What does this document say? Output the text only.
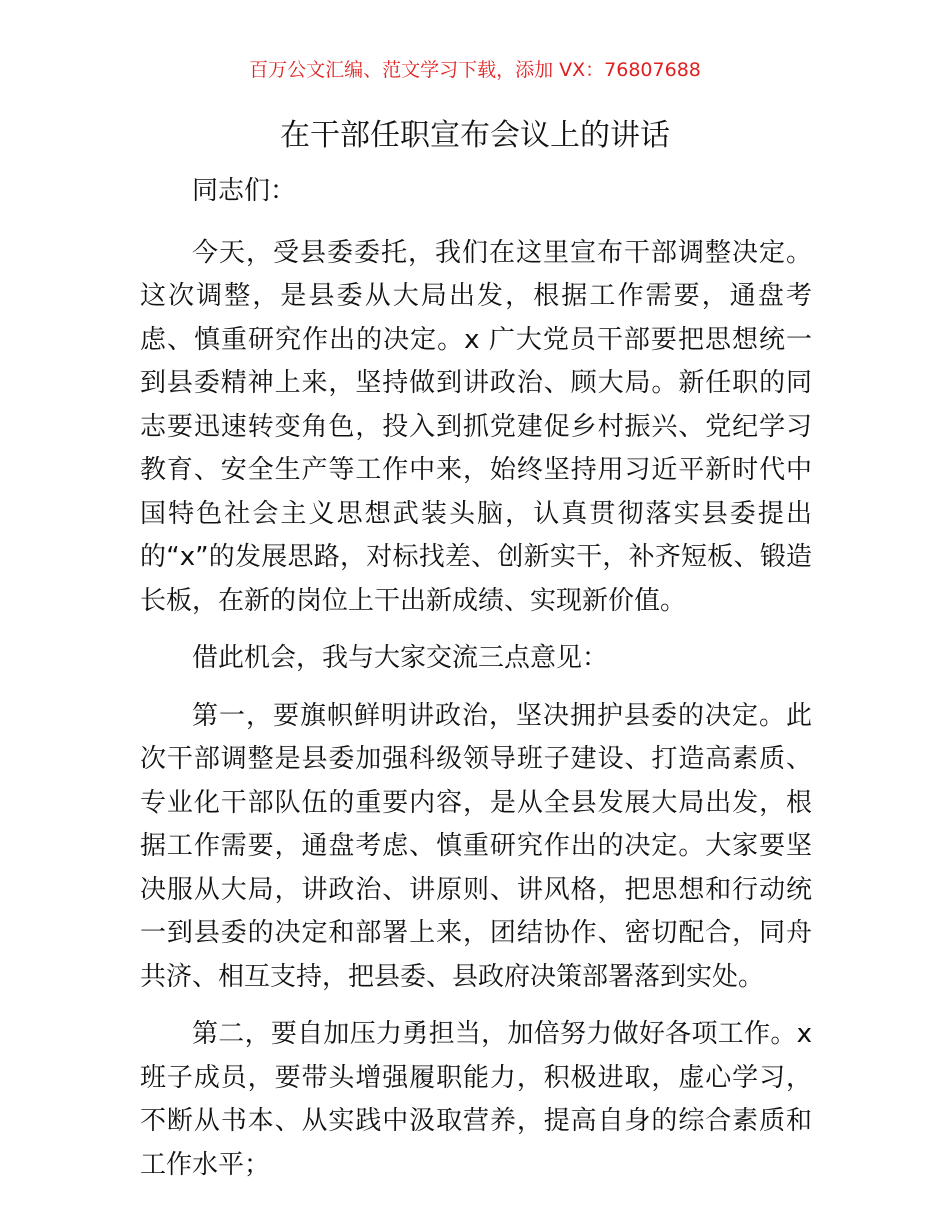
百万公文汇编、范文学习下载，添加 VX：76807688
在干部任职宣布会议上的讲话

同志们：

今天，受县委委托，我们在这里宣布干部调整决定。这次调整，是县委从大局出发，根据工作需要，通盘考虑、慎重研究作出的决定。x 广大党员干部要把思想统一到县委精神上来，坚持做到讲政治、顾大局。新任职的同志要迅速转变角色，投入到抓党建促乡村振兴、党纪学习教育、安全生产等工作中来，始终坚持用习近平新时代中国特色社会主义思想武装头脑，认真贯彻落实县委提出的“x”的发展思路，对标找差、创新实干，补齐短板、锻造长板，在新的岗位上干出新成绩、实现新价值。

借此机会，我与大家交流三点意见：

第一，要旗帜鲜明讲政治，坚决拥护县委的决定。此次干部调整是县委加强科级领导班子建设、打造高素质、专业化干部队伍的重要内容，是从全县发展大局出发，根据工作需要，通盘考虑、慎重研究作出的决定。大家要坚决服从大局，讲政治、讲原则、讲风格，把思想和行动统一到县委的决定和部署上来，团结协作、密切配合，同舟共济、相互支持，把县委、县政府决策部署落到实处。

第二，要自加压力勇担当，加倍努力做好各项工作。x 班子成员，要带头增强履职能力，积极进取，虚心学习，不断从书本、从实践中汲取营养，提高自身的综合素质和工作水平；
